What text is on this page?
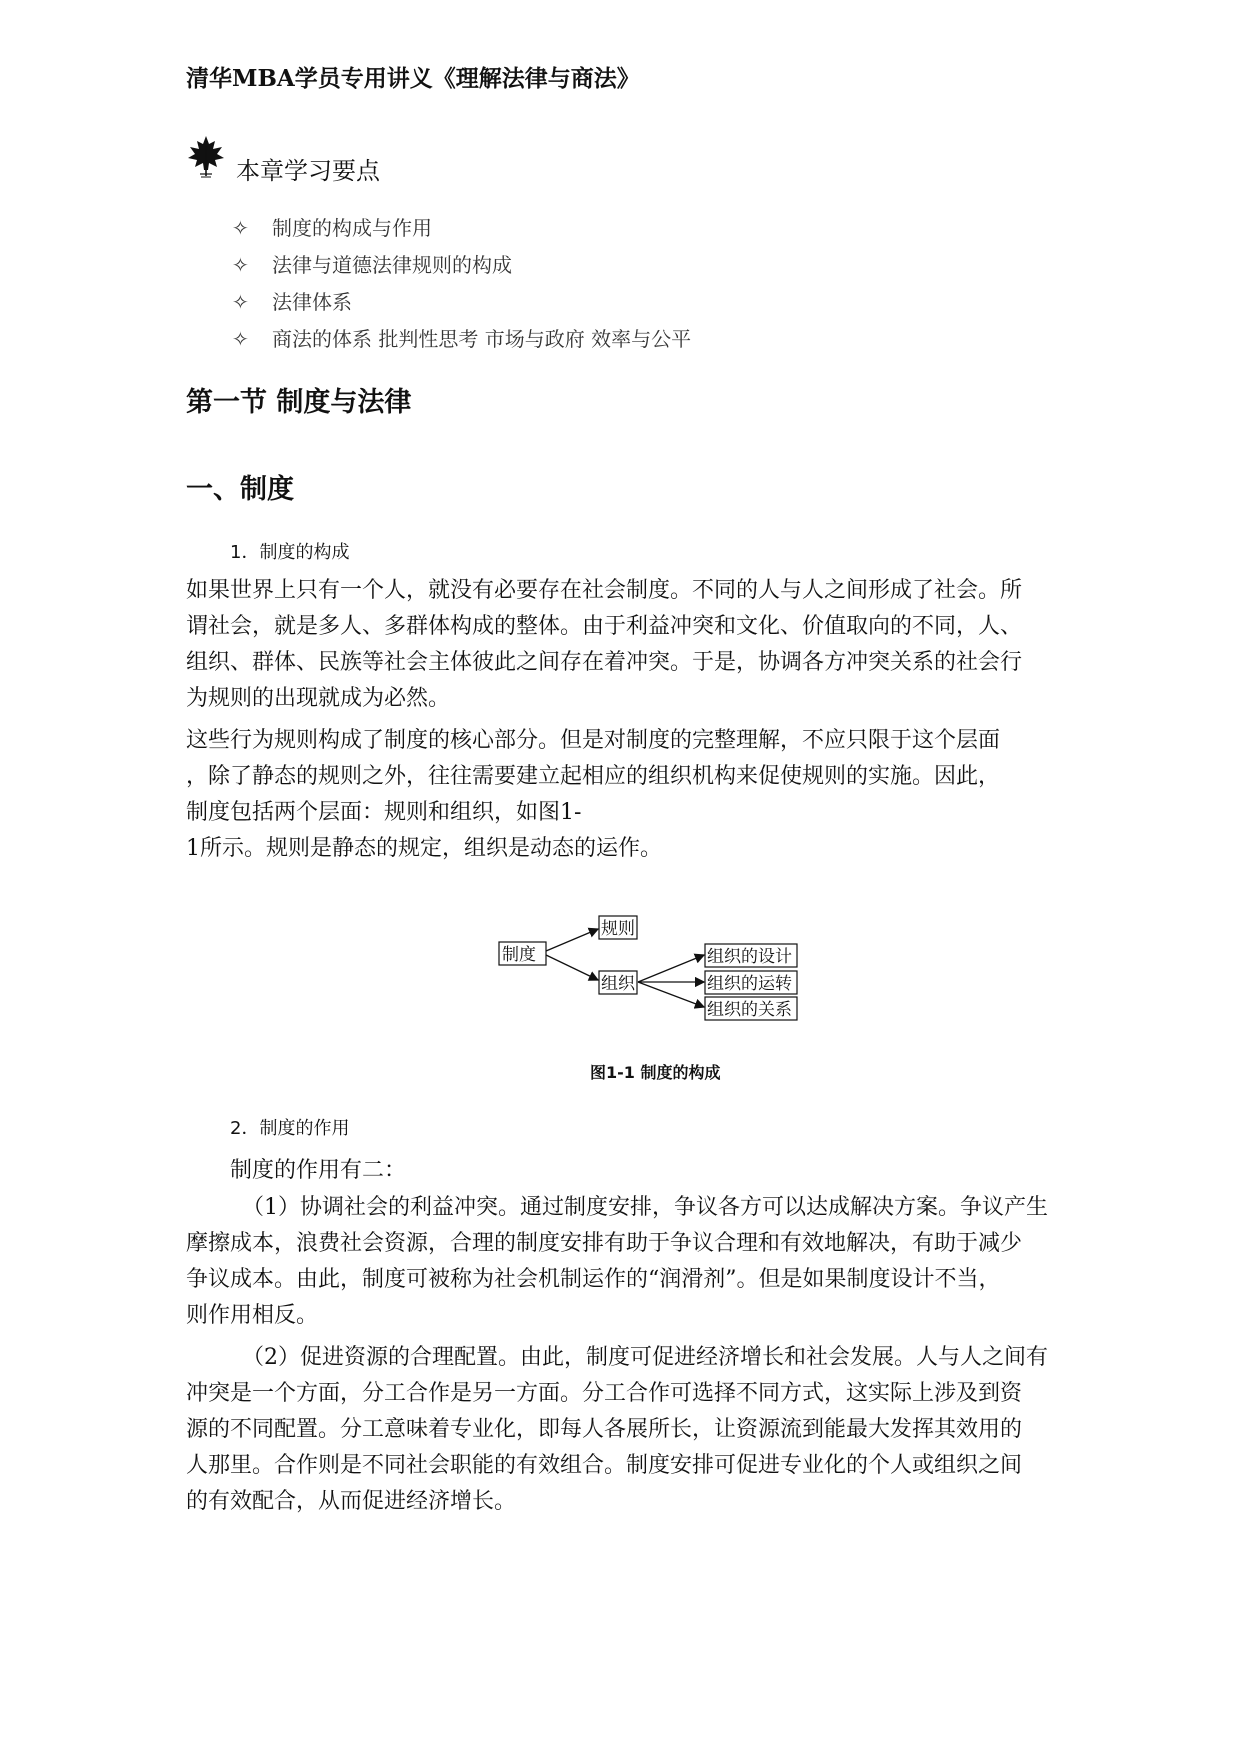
清华MBA学员专用讲义《理解法律与商法》
本章学习要点
✧ 制度的构成与作用
✧ 法律与道德法律规则的构成
✧ 法律体系
✧ 商法的体系 批判性思考 市场与政府 效率与公平
第一节 制度与法律
一、制度
1．制度的构成
如果世界上只有一个人，就没有必要存在社会制度。不同的人与人之间形成了社会。所
谓社会，就是多人、多群体构成的整体。由于利益冲突和文化、价值取向的不同，人、
组织、群体、民族等社会主体彼此之间存在着冲突。于是，协调各方冲突关系的社会行
为规则的出现就成为必然。
这些行为规则构成了制度的核心部分。但是对制度的完整理解，不应只限于这个层面
，除了静态的规则之外，往往需要建立起相应的组织机构来促使规则的实施。因此，
制度包括两个层面：规则和组织，如图1-
1所示。规则是静态的规定，组织是动态的运作。
制度
规则
组织
组织的设计
组织的运转
组织的关系
图1-1 制度的构成
2．制度的作用
制度的作用有二：
（1）协调社会的利益冲突。通过制度安排，争议各方可以达成解决方案。争议产生
摩擦成本，浪费社会资源，合理的制度安排有助于争议合理和有效地解决，有助于减少
争议成本。由此，制度可被称为社会机制运作的“润滑剂”。但是如果制度设计不当，
则作用相反。
（2）促进资源的合理配置。由此，制度可促进经济增长和社会发展。人与人之间有
冲突是一个方面，分工合作是另一方面。分工合作可选择不同方式，这实际上涉及到资
源的不同配置。分工意味着专业化，即每人各展所长，让资源流到能最大发挥其效用的
人那里。合作则是不同社会职能的有效组合。制度安排可促进专业化的个人或组织之间
的有效配合，从而促进经济增长。
